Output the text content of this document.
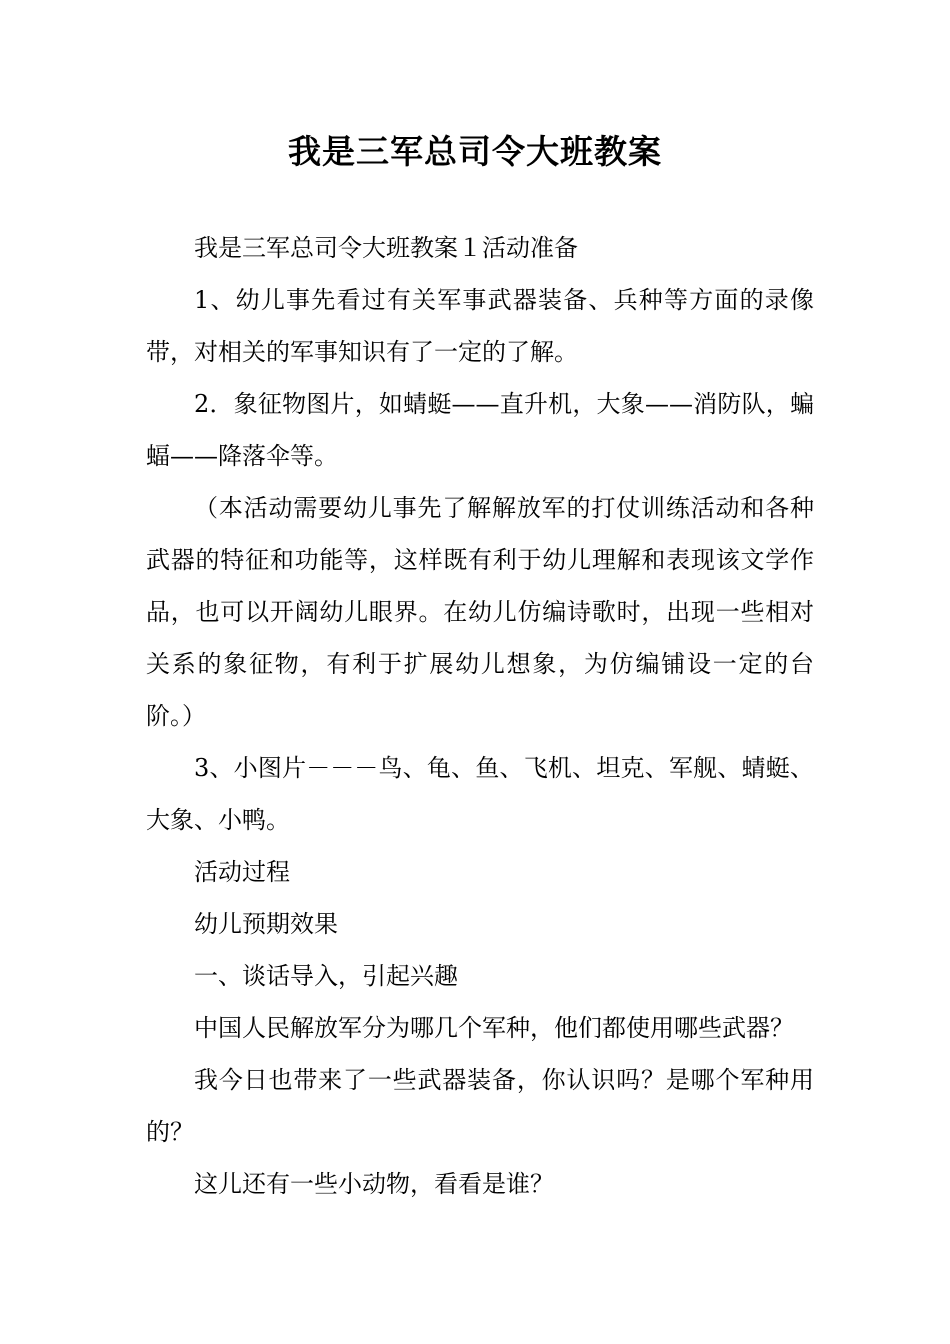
我是三军总司令大班教案

我是三军总司令大班教案１活动准备

1、幼儿事先看过有关军事武器装备、兵种等方面的录像带，对相关的军事知识有了一定的了解。

2．象征物图片，如蜻蜓——直升机，大象——消防队，蝙蝠——降落伞等。

（本活动需要幼儿事先了解解放军的打仗训练活动和各种武器的特征和功能等，这样既有利于幼儿理解和表现该文学作品，也可以开阔幼儿眼界。在幼儿仿编诗歌时，出现一些相对关系的象征物，有利于扩展幼儿想象，为仿编铺设一定的台阶。）

3、小图片－－－鸟、龟、鱼、飞机、坦克、军舰、蜻蜓、大象、小鸭。

活动过程

幼儿预期效果

一、谈话导入，引起兴趣

中国人民解放军分为哪几个军种，他们都使用哪些武器？

我今日也带来了一些武器装备，你认识吗？是哪个军种用的？

这儿还有一些小动物，看看是谁？
